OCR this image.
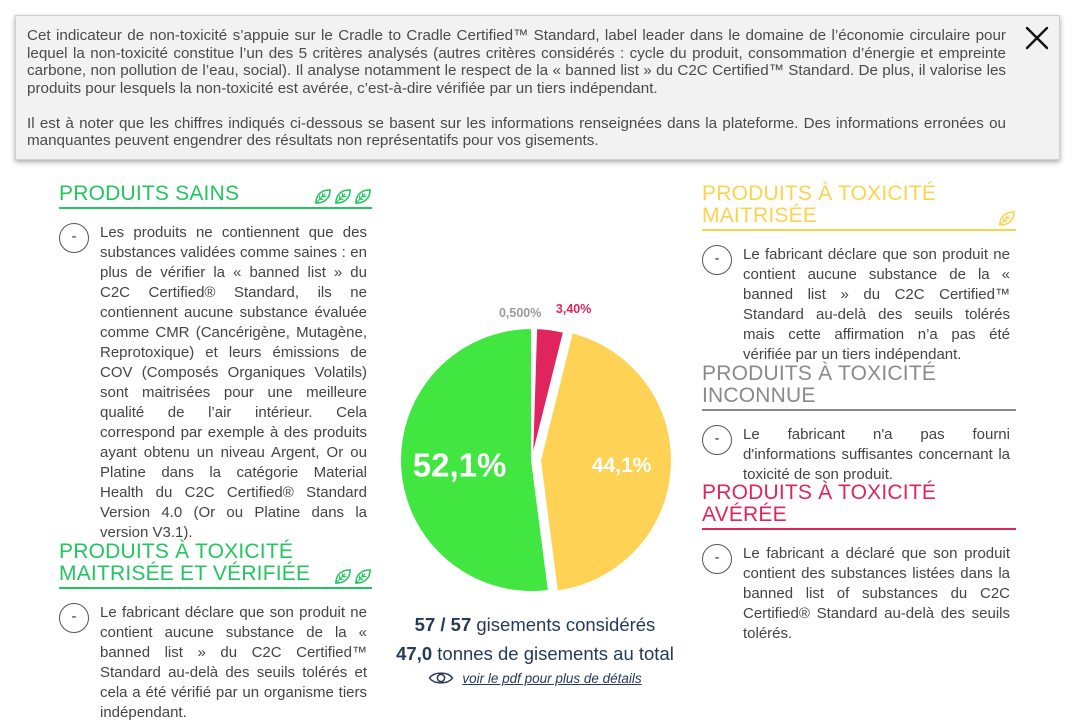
Cet indicateur de non-toxicité s’appuie sur le Cradle to Cradle Certified™ Standard, label leader dans le domaine de l’économie circulaire pour lequel la non-toxicité constitue l’un des 5 critères analysés (autres critères considérés : cycle du produit, consommation d’énergie et empreinte carbone, non pollution de l’eau, social). Il analyse notamment le respect de la « banned list » du C2C Certified™ Standard. De plus, il valorise les produits pour lesquels la non-toxicité est avérée, c’est-à-dire vérifiée par un tiers indépendant.

Il est à noter que les chiffres indiqués ci-dessous se basent sur les informations renseignées dans la plateforme. Des informations erronées ou manquantes peuvent engendrer des résultats non représentatifs pour vos gisements.

PRODUITS SAINS
-	Les produits ne contiennent que des substances validées comme saines : en plus de vérifier la « banned list » du C2C Certified® Standard, ils ne contiennent aucune substance évaluée comme CMR (Cancérigène, Mutagène, Reprotoxique) et leurs émissions de COV (Composés Organiques Volatils) sont maitrisées pour une meilleure qualité de l’air intérieur. Cela correspond par exemple à des produits ayant obtenu un niveau Argent, Or ou Platine dans la catégorie Material Health du C2C Certified® Standard Version 4.0 (Or ou Platine dans la version V3.1).
PRODUITS À TOXICITÉ
MAITRISÉE ET VÉRIFIÉE
-	Le fabricant déclare que son produit ne contient aucune substance de la « banned list » du C2C Certified™ Standard au-delà des seuils tolérés et cela a été vérifié par un organisme tiers indépendant.
PRODUITS À TOXICITÉ
MAITRISÉE
-	Le fabricant déclare que son produit ne contient aucune substance de la « banned list » du C2C Certified™ Standard au-delà des seuils tolérés mais cette affirmation n’a pas été vérifiée par un tiers indépendant.
PRODUITS À TOXICITÉ
INCONNUE
-	Le fabricant n'a pas fourni d'informations suffisantes concernant la toxicité de son produit.
PRODUITS À TOXICITÉ
AVÉRÉE
-	Le fabricant a déclaré que son produit contient des substances listées dans la banned list of substances du C2C Certified® Standard au-delà des seuils tolérés.
0,500% 3,40%
44,1%
52,1%
57 / 57 gisements considérés
47,0 tonnes de gisements au total
voir le pdf pour plus de détails
